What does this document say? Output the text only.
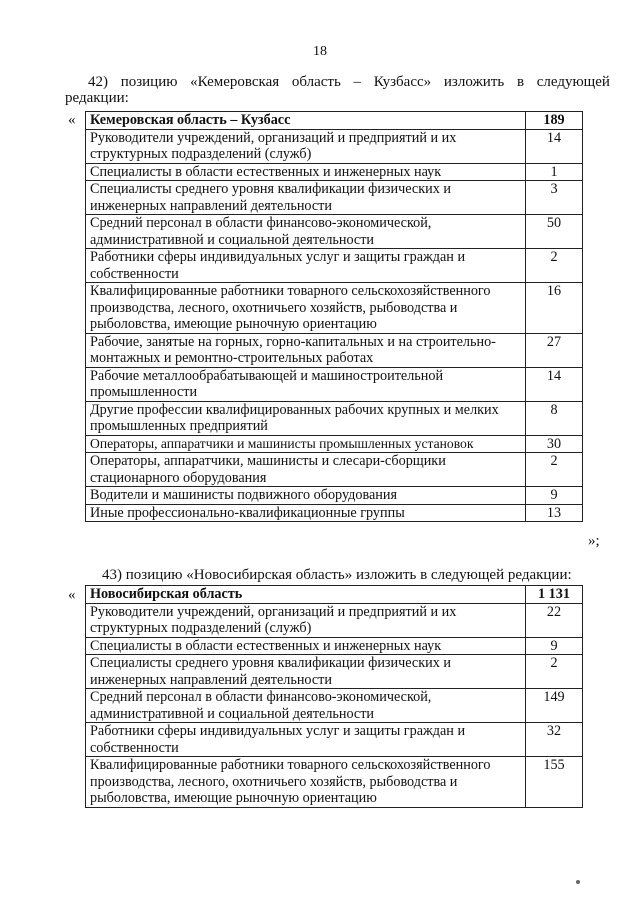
18
42) позицию «Кемеровская область – Кузбасс» изложить в следующей
редакции:
« Кемеровская область – Кузбасс	189
Руководители учреждений, организаций и предприятий и их структурных подразделений (служб)	14
Специалисты в области естественных и инженерных наук	1
Специалисты среднего уровня квалификации физических и инженерных направлений деятельности	3
Средний персонал в области финансово-экономической, административной и социальной деятельности	50
Работники сферы индивидуальных услуг и защиты граждан и собственности	2
Квалифицированные работники товарного сельскохозяйственного производства, лесного, охотничьего хозяйств, рыбоводства и рыболовства, имеющие рыночную ориентацию	16
Рабочие, занятые на горных, горно-капитальных и на строительно-монтажных и ремонтно-строительных работах	27
Рабочие металлообрабатывающей и машиностроительной промышленности	14
Другие профессии квалифицированных рабочих крупных и мелких промышленных предприятий	8
Операторы, аппаратчики и машинисты промышленных установок	30
Операторы, аппаратчики, машинисты и слесари-сборщики стационарного оборудования	2
Водители и машинисты подвижного оборудования	9
Иные профессионально-квалификационные группы	13
»;
43) позицию «Новосибирская область» изложить в следующей редакции:
« Новосибирская область	1 131
Руководители учреждений, организаций и предприятий и их структурных подразделений (служб)	22
Специалисты в области естественных и инженерных наук	9
Специалисты среднего уровня квалификации физических и инженерных направлений деятельности	2
Средний персонал в области финансово-экономической, административной и социальной деятельности	149
Работники сферы индивидуальных услуг и защиты граждан и собственности	32
Квалифицированные работники товарного сельскохозяйственного производства, лесного, охотничьего хозяйств, рыбоводства и рыболовства, имеющие рыночную ориентацию	155
